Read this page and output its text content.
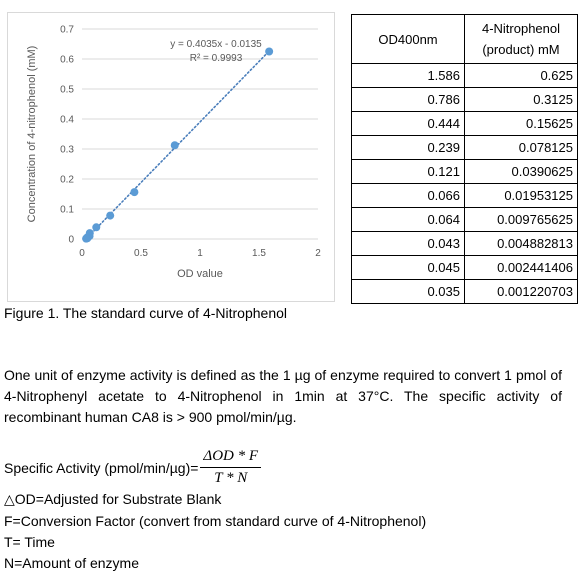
0
0.1
0.2
0.3
0.4
0.5
0.6
0.7
0	0.5	1	1.5	2
OD value
Concentration of 4-nitrophenol (mM)
y = 0.4035x - 0.0135
R² = 0.9993
OD400nm	4-Nitrophenol (product) mM
1.586	0.625
0.786	0.3125
0.444	0.15625
0.239	0.078125
0.121	0.0390625
0.066	0.01953125
0.064	0.009765625
0.043	0.004882813
0.045	0.002441406
0.035	0.001220703
Figure 1. The standard curve of 4-Nitrophenol
One unit of enzyme activity is defined as the 1 µg of enzyme required to convert 1 pmol of 4-Nitrophenyl acetate to 4-Nitrophenol in 1min at 37°C. The specific activity of recombinant human CA8 is > 900 pmol/min/µg.
Specific Activity (pmol/min/µg)= $\frac{\text{ΔOD * F}}{T * N}$
△OD=Adjusted for Substrate Blank
F=Conversion Factor (convert from standard curve of 4-Nitrophenol)
T= Time
N=Amount of enzyme
